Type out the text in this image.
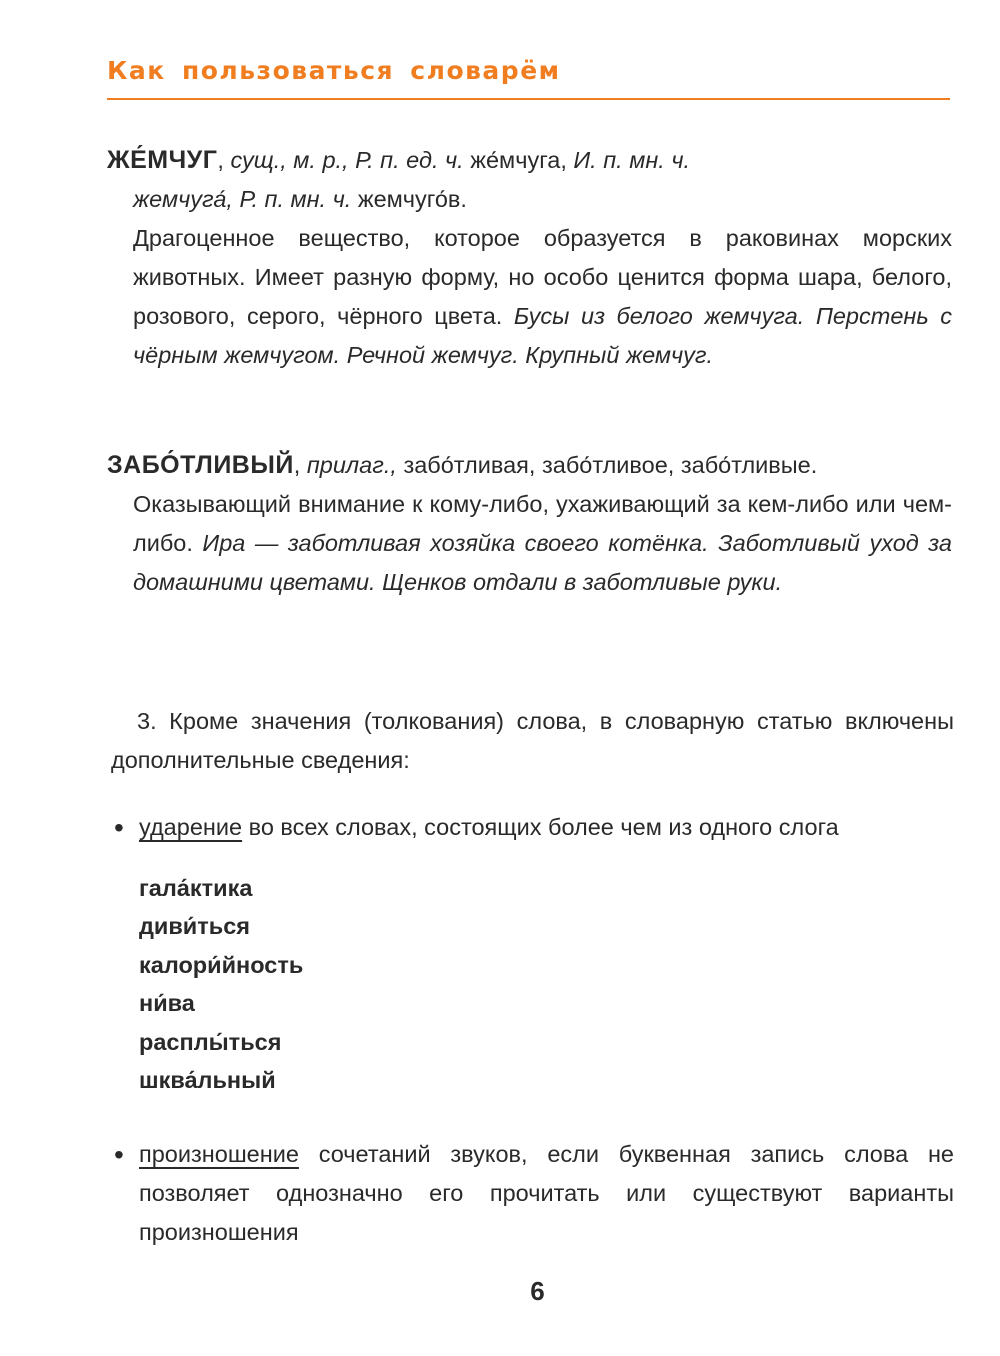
Как пользоваться словарём

ЖЕ́МЧУГ, сущ., м. р., Р. п. ед. ч. же́мчуга, И. п. мн. ч.

жемчуга́, Р. п. мн. ч. жемчуго́в.

Драгоценное вещество, которое образуется в раковинах морских животных. Имеет разную форму, но особо ценится форма шара, белого, розового, серого, чёрного цвета. Бусы из белого жемчуга. Перстень с чёрным жемчугом. Речной жемчуг. Крупный жемчуг.

ЗАБО́ТЛИВЫЙ, прилаг., забо́тливая, забо́тливое, забо́тливые.

Оказывающий внимание к кому-либо, ухаживающий за кем-либо или чем-либо. Ира — заботливая хозяйка своего котёнка. Заботливый уход за домашними цветами. Щенков отдали в заботливые руки.

3. Кроме значения (толкования) слова, в словарную статью включены дополнительные сведения:
• ударение во всех словах, состоящих более чем из одного слога
гала́ктика
диви́ться
калори́йность
ни́ва
расплы́ться
шква́льный
• произношение сочетаний звуков, если буквенная запись слова не позволяет однозначно его прочитать или существуют варианты произношения
6
